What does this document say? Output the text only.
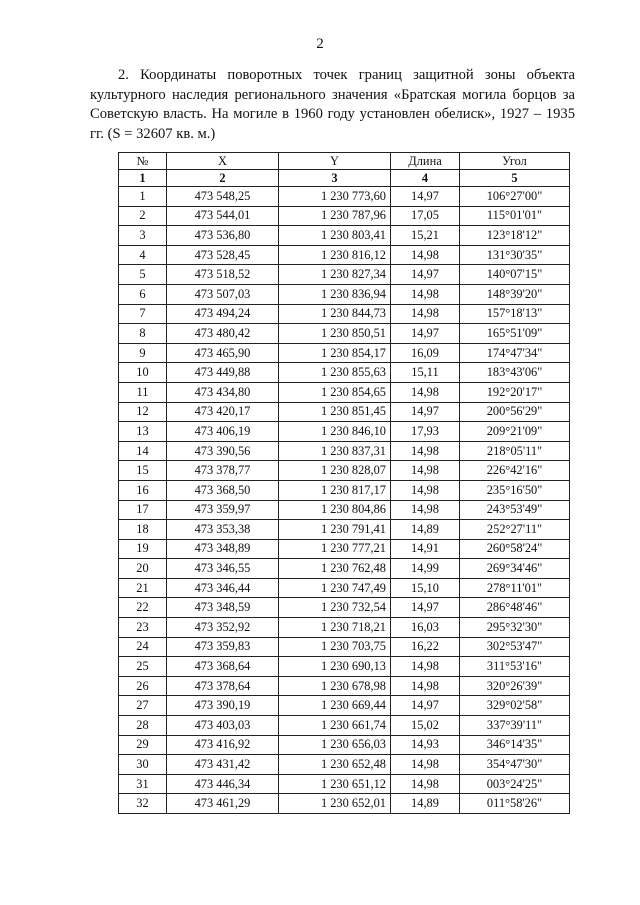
2
2. Координаты поворотных точек границ защитной зоны объекта культурного наследия регионального значения «Братская могила борцов за Советскую власть. На могиле в 1960 году установлен обелиск», 1927 – 1935 гг. (S = 32607 кв. м.)
№	X	Y	Длина	Угол
1	2	3	4	5
1	473 548,25	1 230 773,60	14,97	106°27'00"
2	473 544,01	1 230 787,96	17,05	115°01'01"
3	473 536,80	1 230 803,41	15,21	123°18'12"
4	473 528,45	1 230 816,12	14,98	131°30'35"
5	473 518,52	1 230 827,34	14,97	140°07'15"
6	473 507,03	1 230 836,94	14,98	148°39'20"
7	473 494,24	1 230 844,73	14,98	157°18'13"
8	473 480,42	1 230 850,51	14,97	165°51'09"
9	473 465,90	1 230 854,17	16,09	174°47'34"
10	473 449,88	1 230 855,63	15,11	183°43'06"
11	473 434,80	1 230 854,65	14,98	192°20'17"
12	473 420,17	1 230 851,45	14,97	200°56'29"
13	473 406,19	1 230 846,10	17,93	209°21'09"
14	473 390,56	1 230 837,31	14,98	218°05'11"
15	473 378,77	1 230 828,07	14,98	226°42'16"
16	473 368,50	1 230 817,17	14,98	235°16'50"
17	473 359,97	1 230 804,86	14,98	243°53'49"
18	473 353,38	1 230 791,41	14,89	252°27'11"
19	473 348,89	1 230 777,21	14,91	260°58'24"
20	473 346,55	1 230 762,48	14,99	269°34'46"
21	473 346,44	1 230 747,49	15,10	278°11'01"
22	473 348,59	1 230 732,54	14,97	286°48'46"
23	473 352,92	1 230 718,21	16,03	295°32'30"
24	473 359,83	1 230 703,75	16,22	302°53'47"
25	473 368,64	1 230 690,13	14,98	311°53'16"
26	473 378,64	1 230 678,98	14,98	320°26'39"
27	473 390,19	1 230 669,44	14,97	329°02'58"
28	473 403,03	1 230 661,74	15,02	337°39'11"
29	473 416,92	1 230 656,03	14,93	346°14'35"
30	473 431,42	1 230 652,48	14,98	354°47'30"
31	473 446,34	1 230 651,12	14,98	003°24'25"
32	473 461,29	1 230 652,01	14,89	011°58'26"
